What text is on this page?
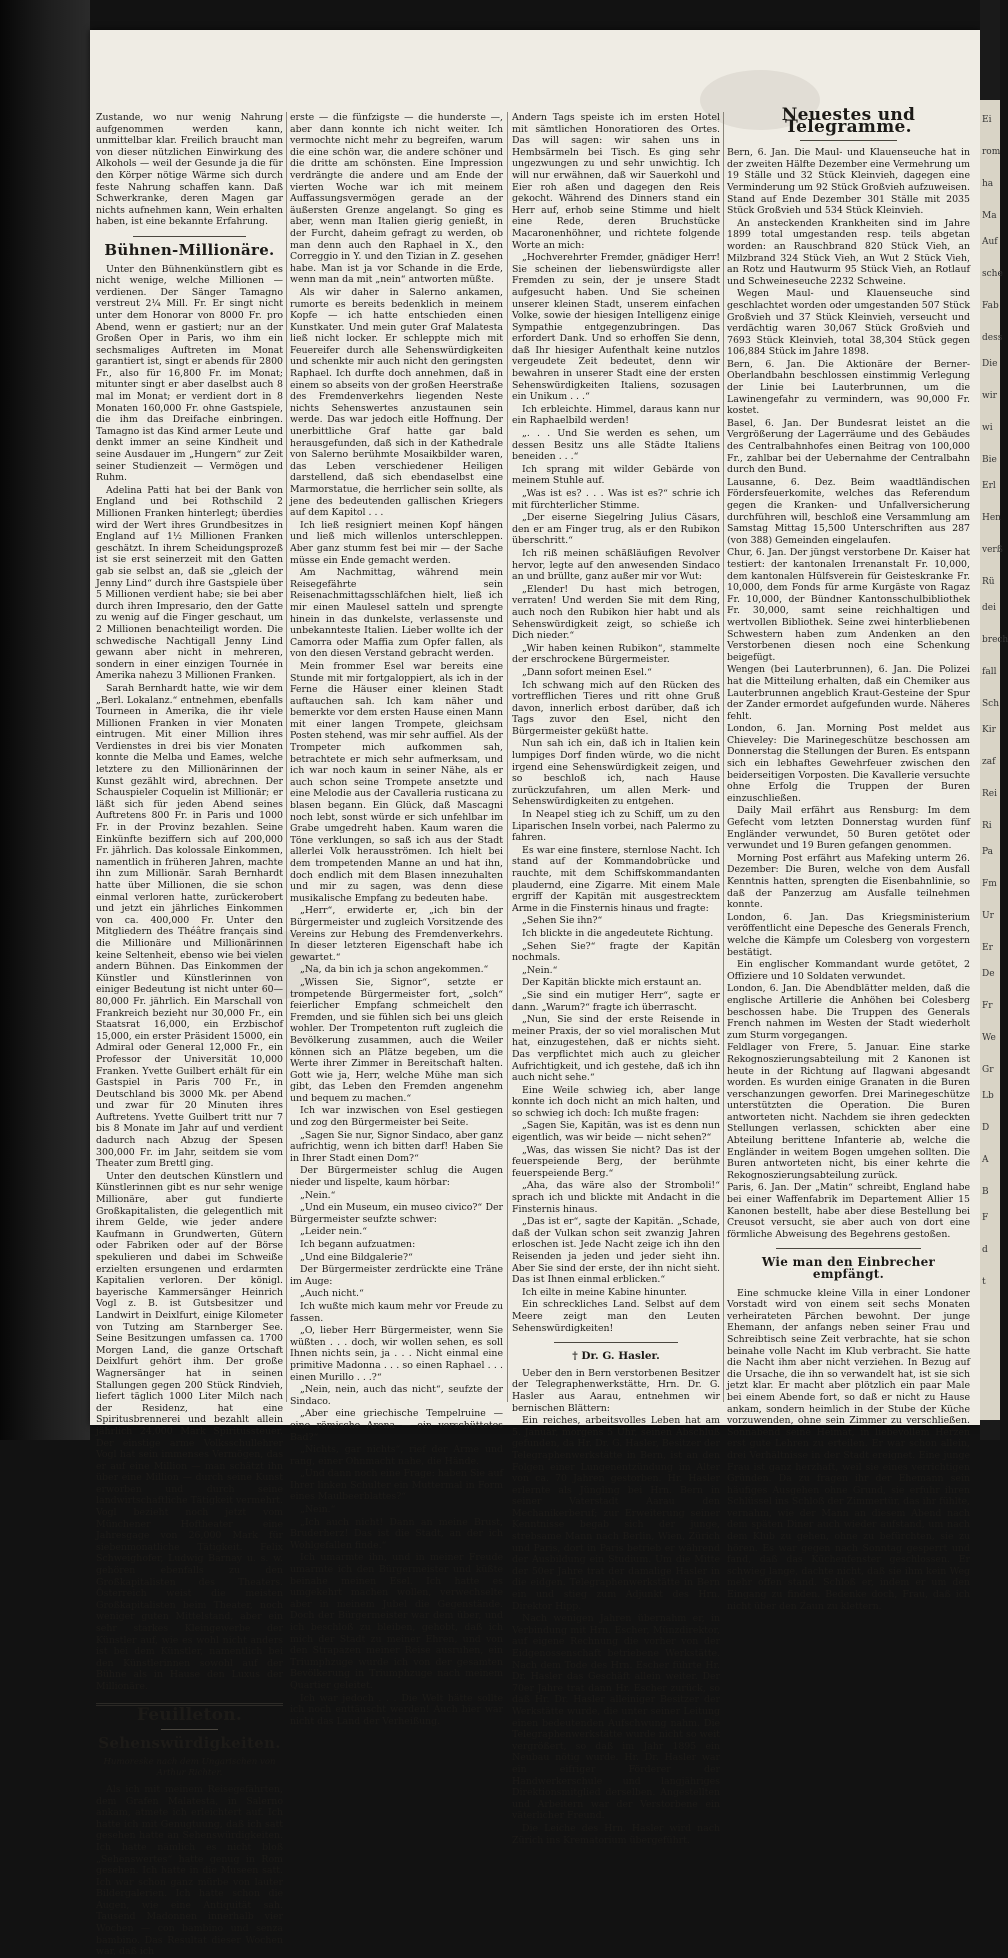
Zustande, wo nur wenig Nahrung aufgenommen werden kann, unmittelbar klar. Freilich braucht man von dieser nützlichen Einwirkung des Alkohols — weil der Gesunde ja die für den Körper nötige Wärme sich durch feste Nahrung schaffen kann. Daß Schwerkranke, deren Magen gar nichts aufnehmen kann, Wein erhalten haben, ist eine bekannte Erfahrung.

Bühnen-Millionäre.

Unter den Bühnenkünstlern gibt es nicht wenige, welche Millionen — verdienen. Der Sänger Tamagno verstreut 2¼ Mill. Fr. Er singt nicht unter dem Honorar von 8000 Fr. pro Abend, wenn er gastiert; nur an der Großen Oper in Paris, wo ihm ein sechsmaliges Auftreten im Monat garantiert ist, singt er abends für 2800 Fr., also für 16,800 Fr. im Monat; mitunter singt er aber daselbst auch 8 mal im Monat; er verdient dort in 8 Monaten 160,000 Fr. ohne Gastspiele, die ihm das Dreifache einbringen. Tamagno ist das Kind armer Leute und denkt immer an seine Kindheit und seine Ausdauer im „Hungern“ zur Zeit seiner Studienzeit — Vermögen und Ruhm.

Adelina Patti hat bei der Bank von England und bei Rothschild 2 Millionen Franken hinterlegt; überdies wird der Wert ihres Grundbesitzes in England auf 1½ Millionen Franken geschätzt. In ihrem Scheidungsprozeß ist sie erst seinerzeit mit den Gatten gab sie selbst an, daß sie „gleich der Jenny Lind“ durch ihre Gastspiele über 5 Millionen verdient habe; sie bei aber durch ihren Impresario, den der Gatte zu wenig auf die Finger geschaut, um 2 Millionen benachteiligt worden. Die schwedische Nachtigall Jenny Lind gewann aber nicht in mehreren, sondern in einer einzigen Tournée in Amerika nahezu 3 Millionen Franken.

Sarah Bernhardt hatte, wie wir dem „Berl. Lokalanz.“ entnehmen, ebenfalls Tourneen in Amerika, die ihr viele Millionen Franken in vier Monaten eintrugen. Mit einer Million ihres Verdienstes in drei bis vier Monaten konnte die Melba und Eames, welche letztere zu den Millionärinnen der Kunst gezählt wird, abrechnen. Der Schauspieler Coquelin ist Millionär; er läßt sich für jeden Abend seines Auftretens 800 Fr. in Paris und 1000 Fr. in der Provinz bezahlen. Seine Einkünfte beziffern sich auf 200,000 Fr. jährlich. Das kolossale Einkommen, namentlich in früheren Jahren, machte ihn zum Millionär. Sarah Bernhardt hatte über Millionen, die sie schon einmal verloren hatte, zurückerobert und jetzt ein jährliches Einkommen von ca. 400,000 Fr. Unter den Mitgliedern des Théâtre français sind die Millionäre und Millionärinnen keine Seltenheit, ebenso wie bei vielen andern Bühnen. Das Einkommen der Künstler und Künstlerinnen von einiger Bedeutung ist nicht unter 60—80,000 Fr. jährlich. Ein Marschall von Frankreich bezieht nur 30,000 Fr., ein Staatsrat 16,000, ein Erzbischof 15,000, ein erster Präsident 15000, ein Admiral oder General 12,000 Fr., ein Professor der Universität 10,000 Franken. Yvette Guilbert erhält für ein Gastspiel in Paris 700 Fr., in Deutschland bis 3000 Mk. per Abend und zwar für 20 Minuten ihres Auftretens. Yvette Guilbert tritt nur 7 bis 8 Monate im Jahr auf und verdient dadurch nach Abzug der Spesen 300,000 Fr. im Jahr, seitdem sie vom Theater zum Brettl ging.

Unter den deutschen Künstlern und Künstlerinnen gibt es nur sehr wenige Millionäre, aber gut fundierte Großkapitalisten, die gelegentlich mit ihrem Gelde, wie jeder andere Kaufmann in Grundwerten, Gütern oder Fabriken oder auf der Börse spekulieren und dabei im Schweiße erzielten ersungenen und erdarmten Kapitalien verloren. Der königl. bayerische Kammersänger Heinrich Vogl z. B. ist Gutsbesitzer und Landwirt in Deixlfurt, einige Kilometer von Tutzing am Starnberger See. Seine Besitzungen umfassen ca. 1700 Morgen Land, die ganze Ortschaft Deixlfurt gehört ihm. Der große Wagnersänger hat in seinen Stallungen gegen 200 Stück Rindvieh, liefert täglich 1000 Liter Milch nach der Residenz, hat eine Spiritusbrennerei und bezahlt allein jährlich 24,000 Mark Spiritussteuer. Der einstige arme Volksschullehrer Vogl hat sein immenses Vermögen, das er auf eine Million — man schätzt ihn über eine Million — durch seine Kunst erworben und durch seine landwirtschaftliche Tätigkeit vermehrt. Vogl bezieht noch jetzt vom Münchener Hoftheater eine Jahresgage von 26,000 Mark für siebenmonatliche Tätigkeit. Felix Schweighofer, Ludwig Barnay u. s. w. gehören ebenfalls zu den Großkapitalisten des Theaters. Österreich weist die meisten Großkapitalisten beim Theater, noch weniger guten Mittelstand, aber ein sehr starkes Kleingewerbe der Künstler auf, wie es wohl nicht anders ist bei dem Künstler, namentlich bei den Künstlerinnen sowohl auf der Bühne als in Hause den Luxus der Millionäre.

Feuilleton.
Sehenswürdigkeiten.
Humoreske nach dem Ungarischen von Arthur Richter.

Als ich mit meinem Reisegefährten, dem Grafen Malatesta, in Salerno ankam, atmete ich erleichtert auf. Ich hatte ich mit Genugtuung, daß ich satt gesehen hatte an Sehenswürdigkeiten. Ich hatte nämlich es nicht bloß „Sehenswertes“ hatte genug in Rom gesehen. Ich hatte in die Museen satt. Ich war schon ganz mürbe von lauter Bildergalerien. Ich hatte schon die Augen, wie eine Antiquität sah. Tausend Madonnen innerhalb vier Wochen — con bambino und senza bambino. Das Resultat dieser Wochen war, daß ich

erste — die fünfzigste — die hunderste —, aber dann konnte ich nicht weiter. Ich vermochte nicht mehr zu begreifen, warum die eine schön war, die andere schöner und die dritte am schönsten. Eine Impression verdrängte die andere und am Ende der vierten Woche war ich mit meinem Auffassungsvermögen gerade an der äußersten Grenze angelangt. So ging es aber, wenn man Italien gierig genießt, in der Furcht, daheim gefragt zu werden, ob man denn auch den Raphael in X., den Correggio in Y. und den Tizian in Z. gesehen habe. Man ist ja vor Schande in die Erde, wenn man da mit „nein“ antworten müßte.

Als wir daher in Salerno ankamen, rumorte es bereits bedenklich in meinem Kopfe — ich hatte entschieden einen Kunstkater. Und mein guter Graf Malatesta ließ nicht locker. Er schleppte mich mit Feuereifer durch alle Sehenswürdigkeiten und schenkte mir auch nicht den geringsten Raphael. Ich durfte doch annehmen, daß in einem so abseits von der großen Heerstraße des Fremdenverkehrs liegenden Neste nichts Sehenswertes anzustaunen sein werde. Das war jedoch eitle Hoffnung. Der unerbittliche Graf hatte gar bald herausgefunden, daß sich in der Kathedrale von Salerno berühmte Mosaikbilder waren, das Leben verschiedener Heiligen darstellend, daß sich ebendaselbst eine Marmorstatue, die herrlicher sein sollte, als jene des bedeutenden gallischen Kriegers auf dem Kapitol . . .

Ich ließ resigniert meinen Kopf hängen und ließ mich willenlos unterschleppen. Aber ganz stumm fest bei mir — der Sache müsse ein Ende gemacht werden.

Am Nachmittag, während mein Reisegefährte sein Reisenachmittagsschläfchen hielt, ließ ich mir einen Maulesel satteln und sprengte hinein in das dunkelste, verlassenste und unbekannteste Italien. Lieber wollte ich der Camorra oder Maffia zum Opfer fallen, als von den diesen Verstand gebracht werden.

Mein frommer Esel war bereits eine Stunde mit mir fortgaloppiert, als ich in der Ferne die Häuser einer kleinen Stadt auftauchen sah. Ich kam näher und bemerkte vor dem ersten Hause einen Mann mit einer langen Trompete, gleichsam Posten stehend, was mir sehr auffiel. Als der Trompeter mich aufkommen sah, betrachtete er mich sehr aufmerksam, und ich war noch kaum in seiner Nähe, als er auch schon seine Trompete ansetzte und eine Melodie aus der Cavalleria rusticana zu blasen begann. Ein Glück, daß Mascagni noch lebt, sonst würde er sich unfehlbar im Grabe umgedreht haben. Kaum waren die Töne verklungen, so saß ich aus der Stadt allerlei Volk herausströmen. Ich hielt bei dem trompetenden Manne an und hat ihn, doch endlich mit dem Blasen innezuhalten und mir zu sagen, was denn diese musikalische Empfang zu bedeuten habe.

„Herr“, erwiderte er, „ich bin der Bürgermeister und zugleich Vorsitzende des Vereins zur Hebung des Fremdenverkehrs. In dieser letzteren Eigenschaft habe ich gewartet.“

„Na, da bin ich ja schon angekommen.“

„Wissen Sie, Signor“, setzte er trompetende Bürgermeister fort, „solch“ feierlicher Empfang schmeichelt den Fremden, und sie fühlen sich bei uns gleich wohler. Der Trompetenton ruft zugleich die Bevölkerung zusammen, auch die Weiler können sich an Plätze begeben, um die Werte ihrer Zimmer in Bereitschaft halten. Gott wie ja, Herr, welche Mühe man sich gibt, das Leben den Fremden angenehm und bequem zu machen.“

Ich war inzwischen von Esel gestiegen und zog den Bürgermeister bei Seite.

„Sagen Sie nur, Signor Sindaco, aber ganz aufrichtig, wenn ich bitten darf! Haben Sie in Ihrer Stadt einen Dom?“

Der Bürgermeister schlug die Augen nieder und lispelte, kaum hörbar:

„Nein.“

„Und ein Museum, ein museo civico?“ Der Bürgermeister seufzte schwer:

„Leider nein.“

Ich begann aufzuatmen:

„Und eine Bildgalerie?“

Der Bürgermeister zerdrückte eine Träne im Auge:

„Auch nicht.“

Ich wußte mich kaum mehr vor Freude zu fassen.

„O, lieber Herr Bürgermeister, wenn Sie wüßten . . . doch, wir wollen sehen, es soll Ihnen nichts sein, ja . . . Nicht einmal eine primitive Madonna . . . so einen Raphael . . . einen Murillo . . .?“

„Nein, nein, auch das nicht“, seufzte der Sindaco.

„Aber eine griechische Tempelruine — eine römische Arena — ein verschüttetes Bad?“

„Nichts, gar nichts“, rief der Arme und rang, einer Ohnmacht nahe, die Hände.

„Und dann noch eine Frage: haben Sie auf Ihrer linken Schulter ein Muttermal in Form eines Maulbeerblattes?“

„Nein.“

„Ich auch nicht! Dann an meine Brust, Bruderherz! Das ist die Stadt, an der ich Wohlgefallen finde.“

Ich umarmte ihn, und in meiner Freude umarmte ich den Bürgermeister und küßte beinahe meinen Esel. Ich hatte es umgekehrt machen wollen, verwechselte aber in meinem Jubel die Gegenstände. Doch der Bürgermeister war dem über, und ich beschloß zu bleiben, gehobt, daß ich mich der Stadt zu meiner Ehren, und von den Strapazen meiner Reise ausruhen, ein Triumphzuge wurde ich von der gesamten Bevölkerung in Triumphzuge nach meinem Quartier geleitet.

Ich war jedoch . . . Die Welt hätte sollte ich noch enttäuscht werden! Auch hier war nicht das Land der Verheißung.

Andern Tags speiste ich im ersten Hotel mit sämtlichen Honoratioren des Ortes. Das will sagen: wir sahen uns in Hembsärmeln bei Tisch. Es ging sehr ungezwungen zu und sehr unwichtig. Ich will nur erwähnen, daß wir Sauerkohl und Eier roh aßen und dagegen den Reis gekocht. Während des Dinners stand ein Herr auf, erhob seine Stimme und hielt eine Rede, deren Bruchstücke Macaronenhöhner, und richtete folgende Worte an mich:

„Hochverehrter Fremder, gnädiger Herr! Sie scheinen der liebenswürdigste aller Fremden zu sein, der je unsere Stadt aufgesucht haben. Und Sie scheinen unserer kleinen Stadt, unserem einfachen Volke, sowie der hiesigen Intelligenz einige Sympathie entgegenzubringen. Das erfordert Dank. Und so erhoffen Sie denn, daß Ihr hiesiger Aufenthalt keine nutzlos vergeudete Zeit bedeutet, denn wir bewahren in unserer Stadt eine der ersten Sehenswürdigkeiten Italiens, sozusagen ein Unikum . . .“

Ich erbleichte. Himmel, daraus kann nur ein Raphaelbild werden!

„. . . Und Sie werden es sehen, um dessen Besitz uns alle Städte Italiens beneiden . . .“

Ich sprang mit wilder Gebärde von meinem Stuhle auf.

„Was ist es? . . . Was ist es?“ schrie ich mit fürchterlicher Stimme.

„Der eiserne Siegelring Julius Cäsars, den er am Finger trug, als er den Rubikon überschritt.“

Ich riß meinen schäßläufigen Revolver hervor, legte auf den anwesenden Sindaco an und brüllte, ganz außer mir vor Wut:

„Elender! Du hast mich betrogen, verraten! Und werden Sie mit dem Ring, auch noch den Rubikon hier habt und als Sehenswürdigkeit zeigt, so schieße ich Dich nieder.“

„Wir haben keinen Rubikon“, stammelte der erschrockene Bürgermeister.

„Dann sofort meinen Esel.“

Ich schwang mich auf den Rücken des vortrefflichen Tieres und ritt ohne Gruß davon, innerlich erbost darüber, daß ich Tags zuvor den Esel, nicht den Bürgermeister geküßt hatte.

Nun sah ich ein, daß ich in Italien kein lumpiges Dorf finden würde, wo die nicht irgend eine Sehenswürdigkeit zeigen, und so beschloß ich, nach Hause zurückzufahren, um allen Merk- und Sehenswürdigkeiten zu entgehen.

In Neapel stieg ich zu Schiff, um zu den Liparischen Inseln vorbei, nach Palermo zu fahren.

Es war eine finstere, sternlose Nacht. Ich stand auf der Kommandobrücke und rauchte, mit dem Schiffskommandanten plaudernd, eine Zigarre. Mit einem Male ergriff der Kapitän mit ausgestrecktem Arme in die Finsternis hinaus und fragte:

„Sehen Sie ihn?“

Ich blickte in die angedeutete Richtung.

„Sehen Sie?“ fragte der Kapitän nochmals.

„Nein.“

Der Kapitän blickte mich erstaunt an.

„Sie sind ein mutiger Herr“, sagte er dann. „Warum?“ fragte ich überrascht.

„Nun, Sie sind der erste Reisende in meiner Praxis, der so viel moralischen Mut hat, einzugestehen, daß er nichts sieht. Das verpflichtet mich auch zu gleicher Aufrichtigkeit, und ich gestehe, daß ich ihn auch nicht sehe.“

Eine Weile schwieg ich, aber lange konnte ich doch nicht an mich halten, und so schwieg ich doch: Ich mußte fragen:

„Sagen Sie, Kapitän, was ist es denn nun eigentlich, was wir beide — nicht sehen?“

„Was, das wissen Sie nicht? Das ist der feuerspeiende Berg, der berühmte feuerspeiende Berg.“

„Aha, das wäre also der Stromboli!“ sprach ich und blickte mit Andacht in die Finsternis hinaus.

„Das ist er“, sagte der Kapitän. „Schade, daß der Vulkan schon seit zwanzig Jahren erloschen ist. Jede Nacht zeige ich ihn den Reisenden ja jeden und jeder sieht ihn. Aber Sie sind der erste, der ihn nicht sieht. Das ist Ihnen einmal erblicken.“

Ich eilte in meine Kabine hinunter.

Ein schreckliches Land. Selbst auf dem Meere zeigt man den Leuten Sehenswürdigkeiten!

† Dr. G. Hasler.

Ueber den in Bern verstorbenen Besitzer der Telegraphenwerkstätte, Hrn. Dr. G. Hasler aus Aarau, entnehmen wir bernischen Blättern:

Ein reiches, arbeitsvolles Leben hat am 5. Januar, morgens 5 Uhr, seinen Abschluß gefunden, da Hr. Dr. G. Hasler, Besitzer der Telegraphenwerkstätte in Bern, ist an den Folgen einer Lungenentzündung im Alter von ca. 70 Jahren gestorben. Hr. Hasler erlernte als Jüngling bei Hrn. Bern in seiner Vaterstadt Aarau den Mechanikerberuf; zur Erweiterung seiner Kenntnisse begab sich der junge, strebsame Mann nach Berlin, Wien, Zürich und Paris, dort in Paris betrieb er während der Ausbildung ein Studium. Um die Mitte der 50er Jahre trat der damalige Hasler in die eidgen. Telegraphenwerkstätte in Bern ein und stieg zum Adjunkt des Hrn. Direktor Hipp.

Nach wenigen Jahren übernahm er, in Verbindung mit Hrn. Escher, Münzdirektor, auf eigene Rechnung die vorher von der Eidgenossenschaft betriebene Werkstätte. Nach dem Tode des Hrn. Escher führte Hr. Dr. Hasler das Geschäft allein weiter. Der 70er Jahre trat dann Hr. Escher zurück, so daß Hr. Dr. Hasler alleiniger Besitzer der Werkstätte wurde, die unter seiner Leitung einen bedeutenden Aufschwung nahm. Die Telegraphenwerkstätte wurde nicht so weit vergrößert, so daß im Jahr 1895 ein Neubau nötig wurde. Hr. Dr. Hasler war ein eifriger Förderer der Handwerkerschule und langjähriges Direktionsmitglied derselben. Angestellten und Arbeitern war der Verstorbene ein väterlicher Freund.

Die Leiche des Hrn. Hasler wird nach Zürich ins Krematorium übergeführt.

Neuestes und Telegramme.

Bern, 6. Jan. Die Maul- und Klauenseuche hat in der zweiten Hälfte Dezember eine Vermehrung um 19 Ställe und 32 Stück Kleinvieh, dagegen eine Verminderung um 92 Stück Großvieh aufzuweisen. Stand auf Ende Dezember 301 Ställe mit 2035 Stück Großvieh und 534 Stück Kleinvieh.

An ansteckenden Krankheiten sind im Jahre 1899 total umgestanden resp. teils abgetan worden: an Rauschbrand 820 Stück Vieh, an Milzbrand 324 Stück Vieh, an Wut 2 Stück Vieh, an Rotz und Hautwurm 95 Stück Vieh, an Rotlauf und Schweineseuche 2232 Schweine.

Wegen Maul- und Klauenseuche sind geschlachtet worden oder umgestanden 507 Stück Großvieh und 37 Stück Kleinvieh, verseucht und verdächtig waren 30,067 Stück Großvieh und 7693 Stück Kleinvieh, total 38,304 Stück gegen 106,884 Stück im Jahre 1898.

Bern, 6. Jan. Die Aktionäre der Berner-Oberlandbahn beschlossen einstimmig Verlegung der Linie bei Lauterbrunnen, um die Lawinengefahr zu vermindern, was 90,000 Fr. kostet.

Basel, 6. Jan. Der Bundesrat leistet an die Vergrößerung der Lagerräume und des Gebäudes des Centralbahnhofes einen Beitrag von 100,000 Fr., zahlbar bei der Uebernahme der Centralbahn durch den Bund.

Lausanne, 6. Dez. Beim waadtländischen Fördersfeuerkomite, welches das Referendum gegen die Kranken- und Unfallversicherung durchführen will, beschloß eine Versammlung am Samstag Mittag 15,500 Unterschriften aus 287 (von 388) Gemeinden eingelaufen.

Chur, 6. Jan. Der jüngst verstorbene Dr. Kaiser hat testiert: der kantonalen Irrenanstalt Fr. 10,000, dem kantonalen Hülfsverein für Geisteskranke Fr. 10,000, dem Fonds für arme Kurgäste von Ragaz Fr. 10,000, der Bündner Kantonsschulbibliothek Fr. 30,000, samt seine reichhaltigen und wertvollen Bibliothek. Seine zwei hinterbliebenen Schwestern haben zum Andenken an den Verstorbenen diesen noch eine Schenkung beigefügt.

Wengen (bei Lauterbrunnen), 6. Jan. Die Polizei hat die Mitteilung erhalten, daß ein Chemiker aus Lauterbrunnen angeblich Kraut-Gesteine der Spur der Zander ermordet aufgefunden wurde. Näheres fehlt.

London, 6. Jan. Morning Post meldet aus Chieveley: Die Marinegeschütze beschossen am Donnerstag die Stellungen der Buren. Es entspann sich ein lebhaftes Gewehrfeuer zwischen den beiderseitigen Vorposten. Die Kavallerie versuchte ohne Erfolg die Truppen der Buren einzuschließen.

Daily Mail erfährt aus Rensburg: Im dem Gefecht vom letzten Donnerstag wurden fünf Engländer verwundet, 50 Buren getötet oder verwundet und 19 Buren gefangen genommen.

Morning Post erfährt aus Mafeking unterm 26. Dezember: Die Buren, welche von dem Ausfall Kenntnis hatten, sprengten die Eisenbahnlinie, so daß der Panzerzug am Ausfalle teilnehmen konnte.

London, 6. Jan. Das Kriegsministerium veröffentlicht eine Depesche des Generals French, welche die Kämpfe um Colesberg von vorgestern bestätigt.

Ein englischer Kommandant wurde getötet, 2 Offiziere und 10 Soldaten verwundet.

London, 6. Jan. Die Abendblätter melden, daß die englische Artillerie die Anhöhen bei Colesberg beschossen habe. Die Truppen des Generals French nahmen im Westen der Stadt wiederholt zum Sturm vorgegangen.

Feldlager von Frere, 5. Januar. Eine starke Rekognoszierungsabteilung mit 2 Kanonen ist heute in der Richtung auf Ilagwani abgesandt worden. Es wurden einige Granaten in die Buren verschanzungen geworfen. Drei Marinegeschütze unterstützten die Operation. Die Buren antworteten nicht. Nachdem sie ihren gedeckten Stellungen verlassen, schickten aber eine Abteilung berittene Infanterie ab, welche die Engländer in weitem Bogen umgehen sollten. Die Buren antworteten nicht, bis einer kehrte die Rekognoszierungsabteilung zurück.

Paris, 6. Jan. Der „Matin“ schreibt, England habe bei einer Waffenfabrik im Departement Allier 15 Kanonen bestellt, habe aber diese Bestellung bei Creusot versucht, sie aber auch von dort eine förmliche Abweisung des Begehrens gestoßen.

Wie man den Einbrecher empfängt.

Eine schmucke kleine Villa in einer Londoner Vorstadt wird von einem seit sechs Monaten verheirateten Pärchen bewohnt. Der junge Ehemann, der anfangs neben seiner Frau und Schreibtisch seine Zeit verbrachte, hat sie schon beinahe volle Nacht im Klub verbracht. Sie hatte die Nacht ihm aber nicht verziehen. In Bezug auf die Ursache, die ihn so verwandelt hat, ist sie sich jetzt klar. Er macht aber plötzlich ein paar Male bei einem Abende fort, so daß er nicht zu Hause ankam, sondern heimlich in der Stube der Küche vorzuwenden, ohne sein Zimmer zu verschließen. Sonnabend seine Heimat, in liebevollem Herzen erst gute Lehren zu erteilen. Er war schon allein, drei Verhältnisse in der Stadt ereignet. Eine junge Frau ist ganz herzhaft, weil sie eines verrichtigen Gründen. Da zu fragen ihr der Ehemann sein häufiges Ausgehen ohne Grund, sie erfuhr ihren Schlüssel ins Schloß der Zimmertür, das ihr fühlte, vernahm, wie der Mann an diesem Abend nach dem späten Diner auch wieder aufstand, um nach dem Klub zu gehen, ohne zu befürchten, sie zu hören. Es war gegen nach Sonntag gesperrt und fand, daß das Küchenfenster geschlossen. Er schwieg lange, dachte nicht, daß sie ihm kein Weg mehr offen stand. Schloß er, indem er um den Eingang zu finden. Bedenke doch, Frau, daß ich nicht über den Zaun zu klettern.

Ei
rom
ha
Ma
Auf
sche
Fab
dess
Die
wir
wi
Bie
Erl
Hen
verß
Rü
dei
brech
fall
Sch
Kir
zaf
Rei
Ri
Pa
Fm
Ur
Er
De
Fr
We
Gr
Lb
D
A
B
F
d
t
